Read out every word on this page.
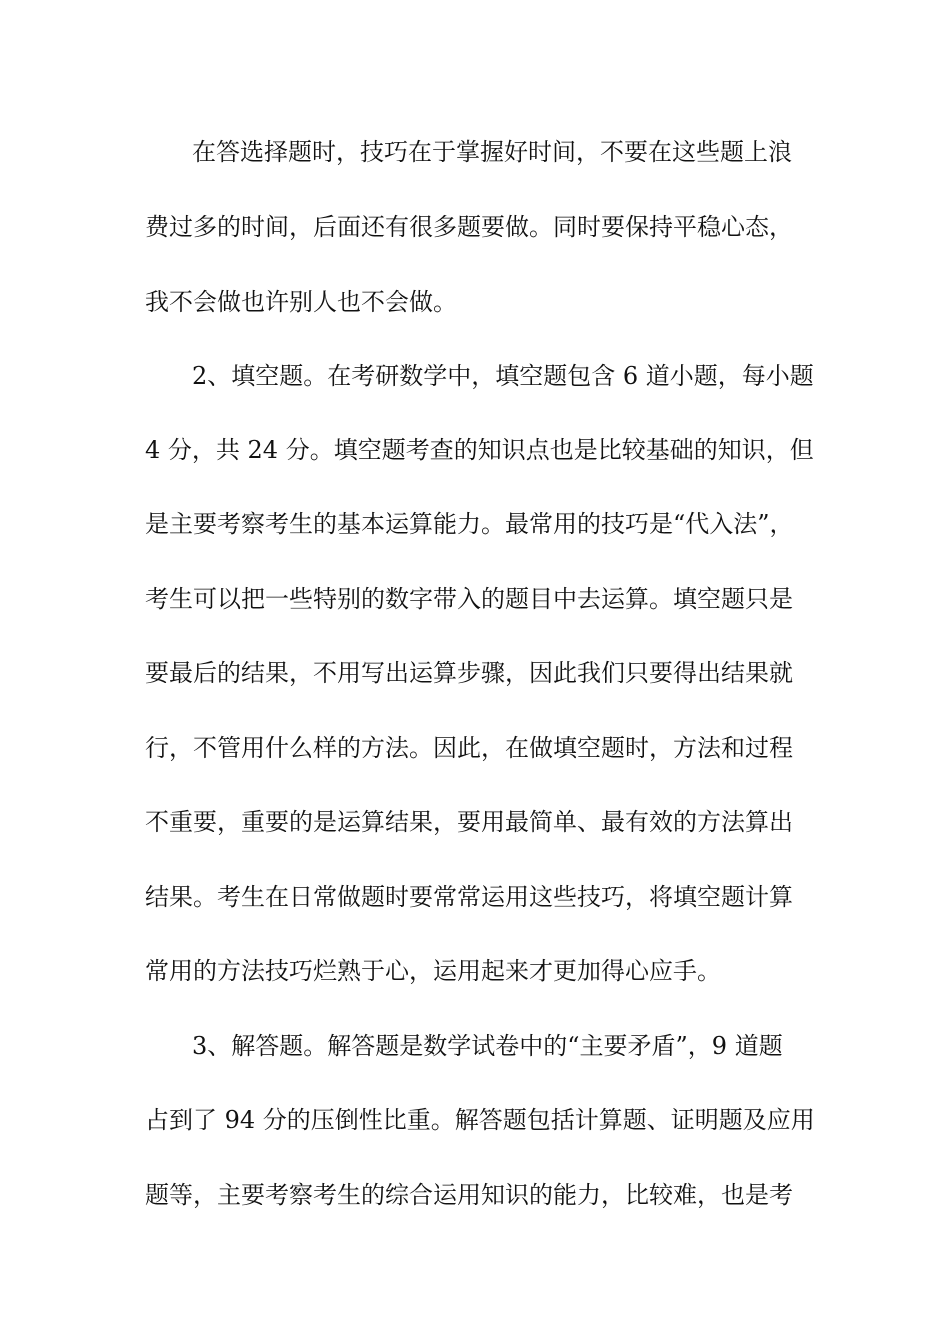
在答选择题时，技巧在于掌握好时间，不要在这些题上浪
费过多的时间，后面还有很多题要做。同时要保持平稳心态，
我不会做也许别人也不会做。
2、填空题。在考研数学中，填空题包含 6 道小题，每小题
4 分，共 24 分。填空题考查的知识点也是比较基础的知识，但
是主要考察考生的基本运算能力。最常用的技巧是“代入法”，
考生可以把一些特别的数字带入的题目中去运算。填空题只是
要最后的结果，不用写出运算步骤，因此我们只要得出结果就
行，不管用什么样的方法。因此，在做填空题时，方法和过程
不重要，重要的是运算结果，要用最简单、最有效的方法算出
结果。考生在日常做题时要常常运用这些技巧，将填空题计算
常用的方法技巧烂熟于心，运用起来才更加得心应手。
3、解答题。解答题是数学试卷中的“主要矛盾”，9 道题
占到了 94 分的压倒性比重。解答题包括计算题、证明题及应用
题等，主要考察考生的综合运用知识的能力，比较难，也是考
